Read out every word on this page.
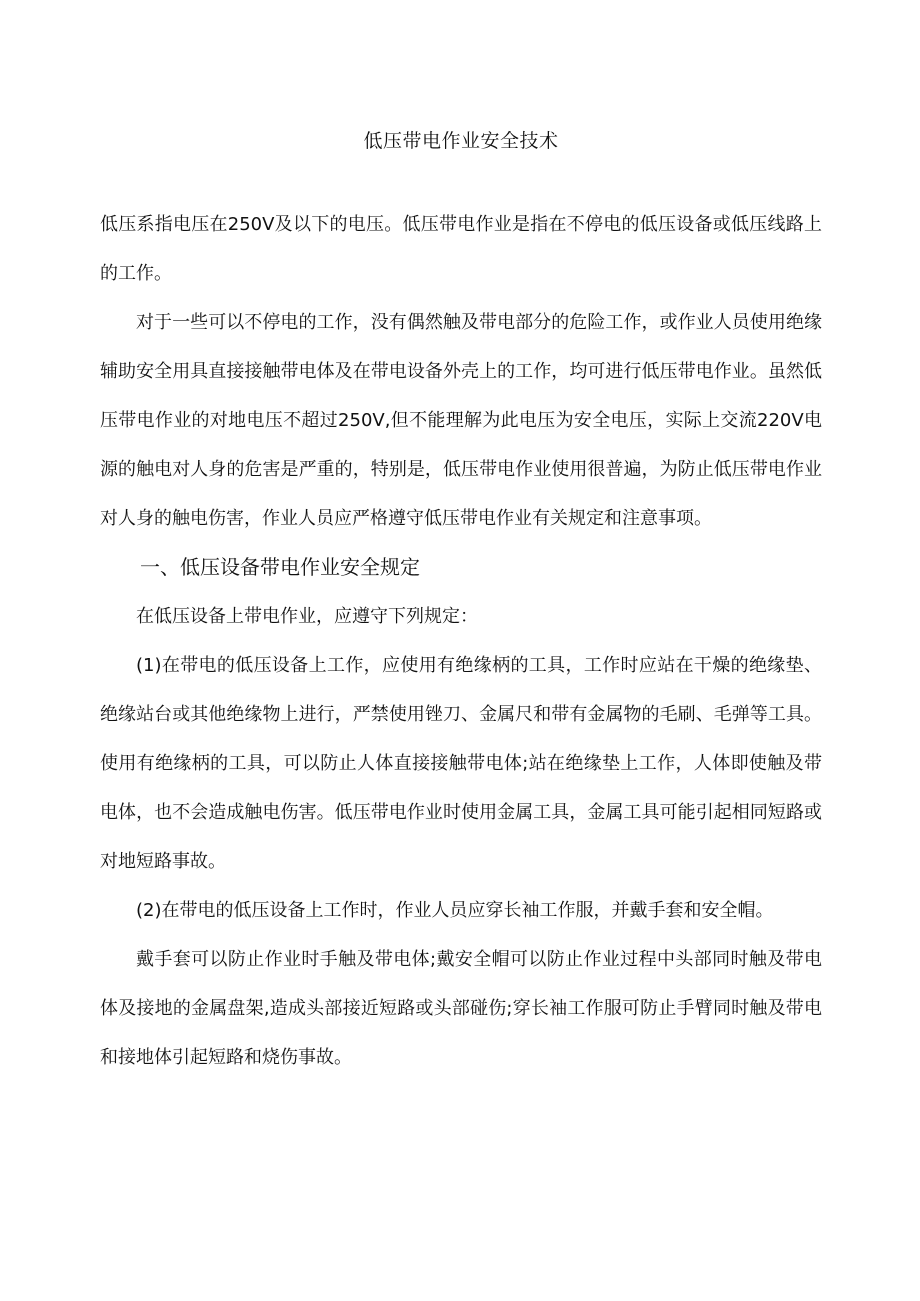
低压带电作业安全技术

低压系指电压在250V及以下的电压。低压带电作业是指在不停电的低压设备或低压线路上的工作。

对于一些可以不停电的工作，没有偶然触及带电部分的危险工作，或作业人员使用绝缘辅助安全用具直接接触带电体及在带电设备外壳上的工作，均可进行低压带电作业。虽然低压带电作业的对地电压不超过250V,但不能理解为此电压为安全电压，实际上交流220V电源的触电对人身的危害是严重的，特别是，低压带电作业使用很普遍，为防止低压带电作业对人身的触电伤害，作业人员应严格遵守低压带电作业有关规定和注意事项。

一、低压设备带电作业安全规定

在低压设备上带电作业，应遵守下列规定：

(1)在带电的低压设备上工作，应使用有绝缘柄的工具，工作时应站在干燥的绝缘垫、绝缘站台或其他绝缘物上进行，严禁使用锉刀、金属尺和带有金属物的毛刷、毛弹等工具。使用有绝缘柄的工具，可以防止人体直接接触带电体;站在绝缘垫上工作，人体即使触及带电体，也不会造成触电伤害。低压带电作业时使用金属工具，金属工具可能引起相同短路或对地短路事故。

(2)在带电的低压设备上工作时，作业人员应穿长袖工作服，并戴手套和安全帽。

戴手套可以防止作业时手触及带电体;戴安全帽可以防止作业过程中头部同时触及带电体及接地的金属盘架,造成头部接近短路或头部碰伤;穿长袖工作服可防止手臂同时触及带电和接地体引起短路和烧伤事故。
